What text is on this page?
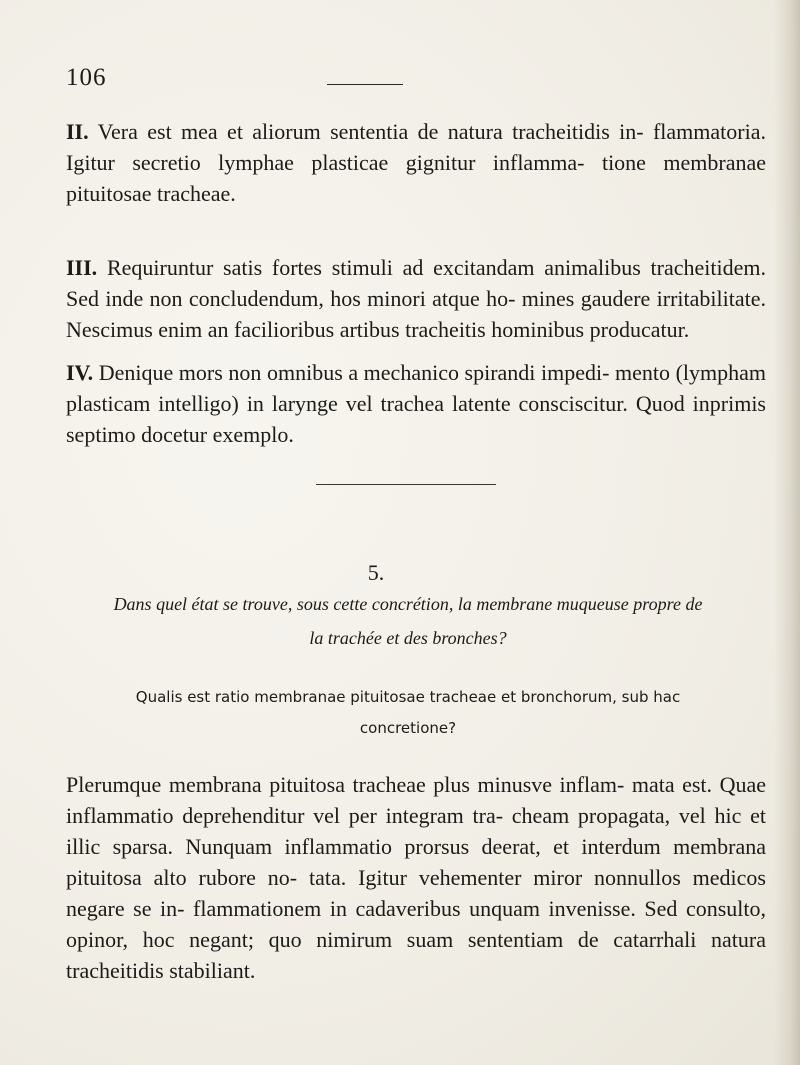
106

II. Vera est mea et aliorum sententia de natura tracheitidis in- flammatoria. Igitur secretio lymphae plasticae gignitur inflamma- tione membranae pituitosae tracheae.

III. Requiruntur satis fortes stimuli ad excitandam animalibus tracheitidem. Sed inde non concludendum, hos minori atque ho- mines gaudere irritabilitate. Nescimus enim an facilioribus artibus tracheitis hominibus producatur.

IV. Denique mors non omnibus a mechanico spirandi impedi- mento (lympham plasticam intelligo) in larynge vel trachea latente consciscitur. Quod inprimis septimo docetur exemplo.

5.

Dans quel état se trouve, sous cette concrétion, la membrane muqueuse propre de la trachée et des bronches?

Qualis est ratio membranae pituitosae tracheae et bronchorum, sub hac concretione?

Plerumque membrana pituitosa tracheae plus minusve inflam- mata est. Quae inflammatio deprehenditur vel per integram tra- cheam propagata, vel hic et illic sparsa. Nunquam inflammatio prorsus deerat, et interdum membrana pituitosa alto rubore no- tata. Igitur vehementer miror nonnullos medicos negare se in- flammationem in cadaveribus unquam invenisse. Sed consulto, opinor, hoc negant; quo nimirum suam sententiam de catarrhali natura tracheitidis stabiliant.
